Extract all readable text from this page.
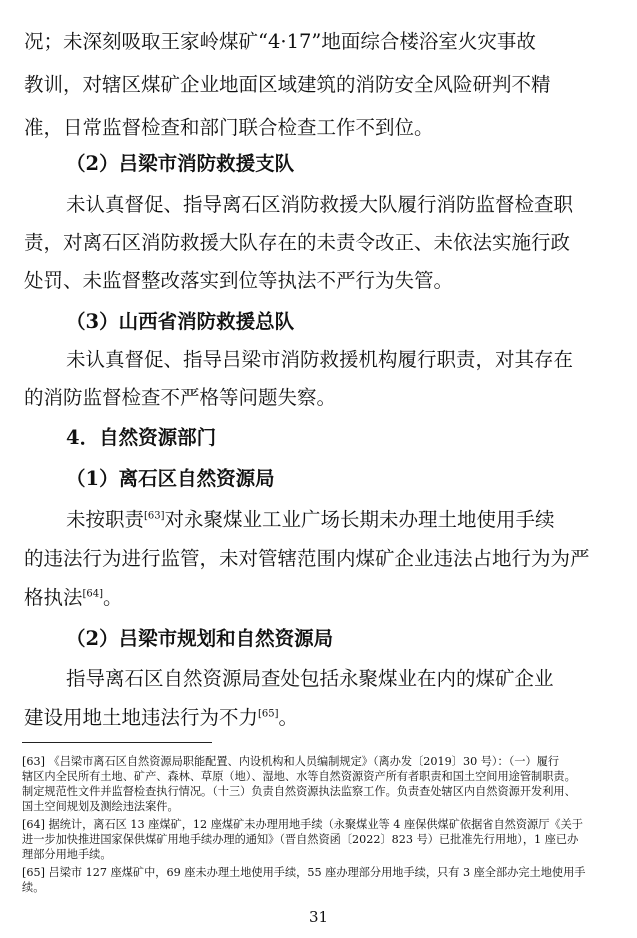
况；未深刻吸取王家岭煤矿“4·17”地面综合楼浴室火灾事故
教训，对辖区煤矿企业地面区域建筑的消防安全风险研判不精
准，日常监督检查和部门联合检查工作不到位。
（2）吕梁市消防救援支队
未认真督促、指导离石区消防救援大队履行消防监督检查职
责，对离石区消防救援大队存在的未责令改正、未依法实施行政
处罚、未监督整改落实到位等执法不严行为失管。
（3）山西省消防救援总队
未认真督促、指导吕梁市消防救援机构履行职责，对其存在
的消防监督检查不严格等问题失察。
4．自然资源部门
（1）离石区自然资源局
未按职责[63]对永聚煤业工业广场长期未办理土地使用手续
的违法行为进行监管，未对管辖范围内煤矿企业违法占地行为为严
格执法[64]。
（2）吕梁市规划和自然资源局
指导离石区自然资源局查处包括永聚煤业在内的煤矿企业
建设用地土地违法行为不力[65]。
[63] 《吕梁市离石区自然资源局职能配置、内设机构和人员编制规定》（离办发〔2019〕30 号）：（一）履行
辖区内全民所有土地、矿产、森林、草原（地）、湿地、水等自然资源资产所有者职责和国土空间用途管制职责。
制定规范性文件并监督检查执行情况。（十三）负责自然资源执法监察工作。负责查处辖区内自然资源开发利用、
国土空间规划及测绘违法案件。
[64] 据统计，离石区 13 座煤矿，12 座煤矿未办理用地手续（永聚煤业等 4 座保供煤矿依据省自然资源厅《关于
进一步加快推进国家保供煤矿用地手续办理的通知》（晋自然资函〔2022〕823 号）已批准先行用地），1 座已办
理部分用地手续。
[65] 吕梁市 127 座煤矿中，69 座未办理土地使用手续，55 座办理部分用地手续，只有 3 座全部办完土地使用手
续。
31
